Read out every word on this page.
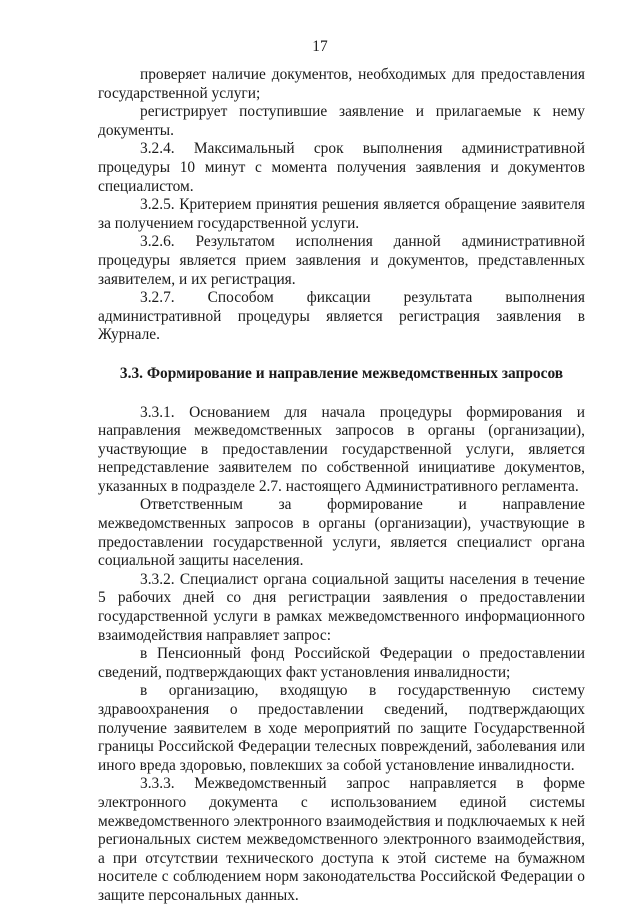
17

проверяет наличие документов, необходимых для предоставления государственной услуги;

регистрирует поступившие заявление и прилагаемые к нему документы.

3.2.4. Максимальный срок выполнения административной процедуры 10 минут с момента получения заявления и документов специалистом.

3.2.5. Критерием принятия решения является обращение заявителя за получением государственной услуги.

3.2.6. Результатом исполнения данной административной процедуры является прием заявления и документов, представленных заявителем, и их регистрация.

3.2.7. Способом фиксации результата выполнения административной процедуры является регистрация заявления в Журнале.

3.3. Формирование и направление межведомственных запросов

3.3.1. Основанием для начала процедуры формирования и направления межведомственных запросов в органы (организации), участвующие в предоставлении государственной услуги, является непредставление заявителем по собственной инициативе документов, указанных в подразделе 2.7. настоящего Административного регламента.

Ответственным за формирование и направление межведомственных запросов в органы (организации), участвующие в предоставлении государственной услуги, является специалист органа социальной защиты населения.

3.3.2. Специалист органа социальной защиты населения в течение 5 рабочих дней со дня регистрации заявления о предоставлении государственной услуги в рамках межведомственного информационного взаимодействия направляет запрос:

в Пенсионный фонд Российской Федерации о предоставлении сведений, подтверждающих факт установления инвалидности;

в организацию, входящую в государственную систему здравоохранения о предоставлении сведений, подтверждающих получение заявителем в ходе мероприятий по защите Государственной границы Российской Федерации телесных повреждений, заболевания или иного вреда здоровью, повлекших за собой установление инвалидности.

3.3.3. Межведомственный запрос направляется в форме электронного документа с использованием единой системы межведомственного электронного взаимодействия и подключаемых к ней региональных систем межведомственного электронного взаимодействия, а при отсутствии технического доступа к этой системе на бумажном носителе с соблюдением норм законодательства Российской Федерации о защите персональных данных.
